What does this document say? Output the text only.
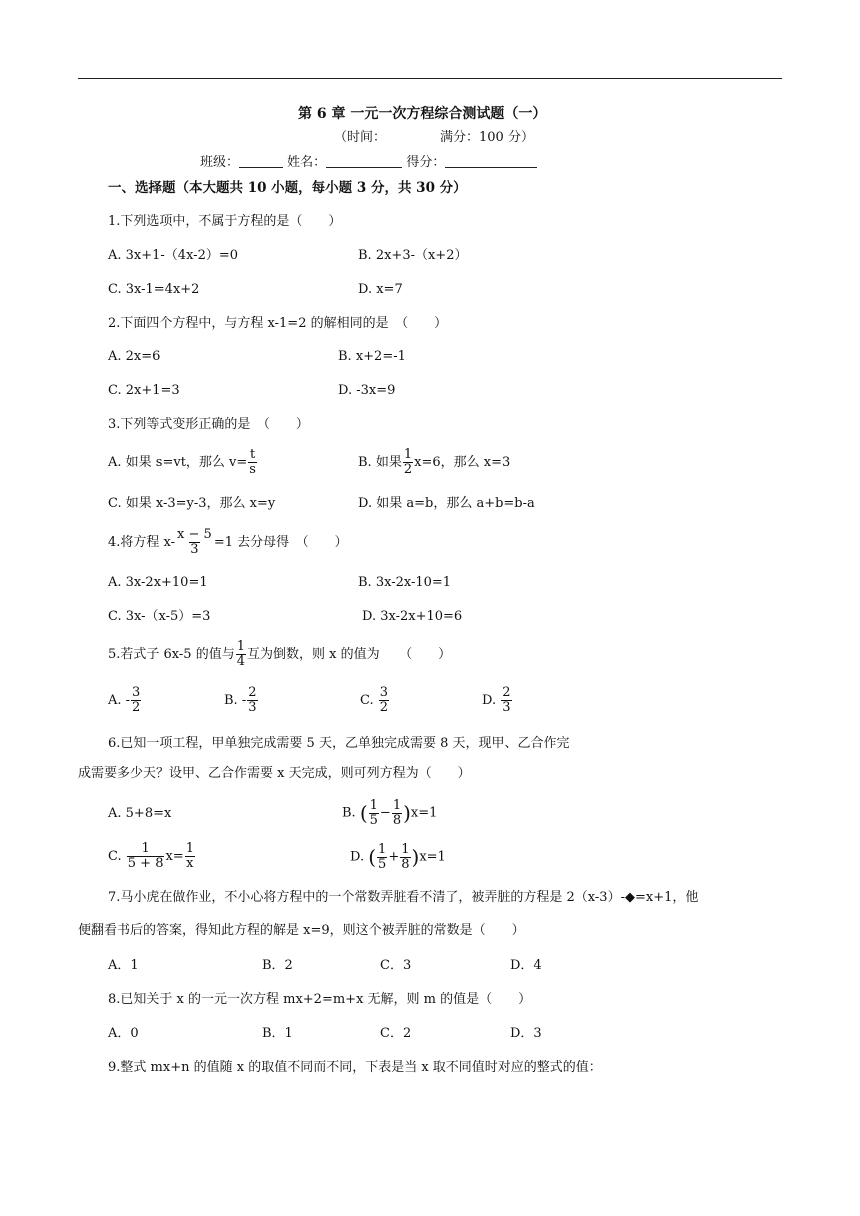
第 6 章 一元一次方程综合测试题（一）
（时间：	满分：100 分）
班级：	姓名：	得分：
一、选择题（本大题共 10 小题，每小题 3 分，共 30 分）
1.下列选项中，不属于方程的是（　　）
A. 3x+1-（4x-2）=0	B. 2x+3-（x+2）
C. 3x-1=4x+2	D. x=7
2.下面四个方程中，与方程 x-1=2 的解相同的是　（　　）
A. 2x=6	B. x+2=-1
C. 2x+1=3	D. -3x=9
3.下列等式变形正确的是　（　　）
A. 如果 s=vt，那么 $v= \frac{t}{s}$	B. 如果 $\frac{1}{2} x=6$，那么 x=3
C. 如果 x-3=y-3，那么 x=y	D. 如果 a=b，那么 a+b=b-a
4.将方程 $x- \frac{x - 5}{3} =1$ 去分母得　（　　）
A. 3x-2x+10=1	B. 3x-2x-10=1
C. 3x-（x-5）=3	D. 3x-2x+10=6
5.若式子 6x-5 的值与 $\frac{1}{4}$ 互为倒数，则 x 的值为　　（　　）
A. - $\frac{3}{2}$	B. - $\frac{2}{3}$	C. $\frac{3}{2}$	D. $\frac{2}{3}$
6.已知一项工程，甲单独完成需要 5 天，乙单独完成需要 8 天，现甲、乙合作完
成需要多少天？设甲、乙合作需要 x 天完成，则可列方程为（　　）
A. 5+8=x	B. ( $\frac{1}{5} - \frac{1}{8} )x=1$
C. $\frac{1}{5 + 8} x= \frac{1}{x}$	D. ( $\frac{1}{5} + \frac{1}{8} )x=1$
7.马小虎在做作业，不小心将方程中的一个常数弄脏看不清了，被弄脏的方程是 2（x-3）-◆=x+1，他
便翻看书后的答案，得知此方程的解是 x=9，则这个被弄脏的常数是（　　）
A．1	B．2	C．3	D．4
8.已知关于 x 的一元一次方程 mx+2=m+x 无解，则 m 的值是（　　）
A．0	B．1	C．2	D．3
9.整式 mx+n 的值随 x 的取值不同而不同，下表是当 x 取不同值时对应的整式的值：
